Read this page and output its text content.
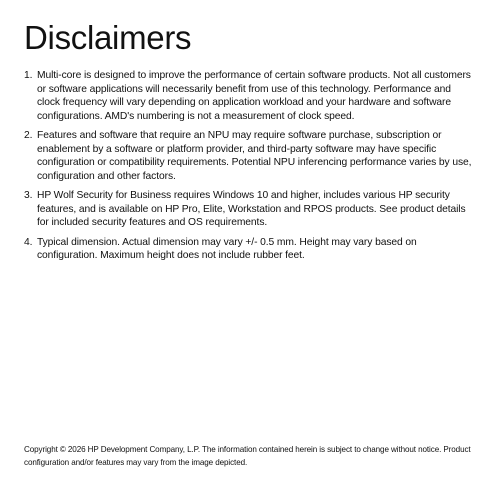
Disclaimers
1. Multi-core is designed to improve the performance of certain software products. Not all customers or software applications will necessarily benefit from use of this technology. Performance and clock frequency will vary depending on application workload and your hardware and software configurations. AMD's numbering is not a measurement of clock speed.
2. Features and software that require an NPU may require software purchase, subscription or enablement by a software or platform provider, and third-party software may have specific configuration or compatibility requirements. Potential NPU inferencing performance varies by use, configuration and other factors.
3. HP Wolf Security for Business requires Windows 10 and higher, includes various HP security features, and is available on HP Pro, Elite, Workstation and RPOS products. See product details for included security features and OS requirements.
4. Typical dimension. Actual dimension may vary +/- 0.5 mm. Height may vary based on configuration. Maximum height does not include rubber feet.

Copyright © 2026 HP Development Company, L.P. The information contained herein is subject to change without notice. Product configuration and/or features may vary from the image depicted.
